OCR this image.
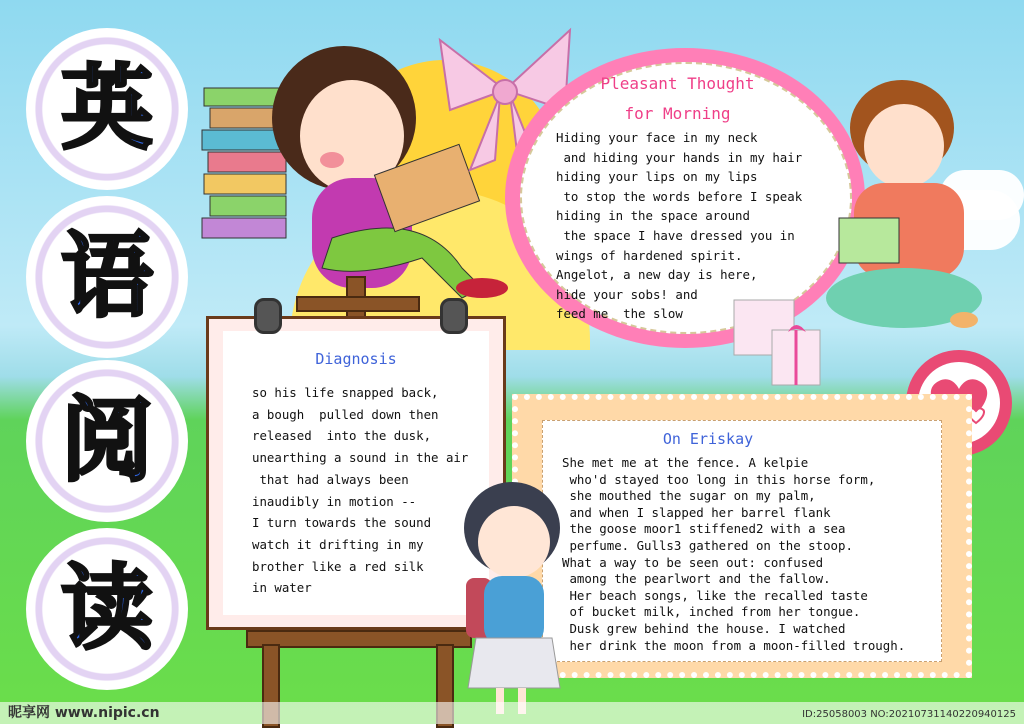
英
语
阅
读
Pleasant Thought
for Morning
Hiding your face in my neck
and hiding your hands in my hair
hiding your lips on my lips
to stop the words before I speak
hiding in the space around
the space I have dressed you in
wings of hardened spirit.
Angelot, a new day is here,
hide your sobs! and
feed me  the slow
Diagnosis
so his life snapped back,
a bough  pulled down then
released  into the dusk,
unearthing a sound in the air
that had always been
inaudibly in motion --
I turn towards the sound
watch it drifting in my
brother like a red silk
in water
On Eriskay
She met me at the fence. A kelpie
who'd stayed too long in this horse form,
she mouthed the sugar on my palm,
and when I slapped her barrel flank
the goose moor1 stiffened2 with a sea
perfume. Gulls3 gathered on the stoop.
What a way to be seen out: confused
among the pearlwort and the fallow.
Her beach songs, like the recalled taste
of bucket milk, inched from her tongue.
Dusk grew behind the house. I watched
her drink the moon from a moon-filled trough.
昵享网 www.nipic.cn	ID:25058003 NO:20210731140220940125
